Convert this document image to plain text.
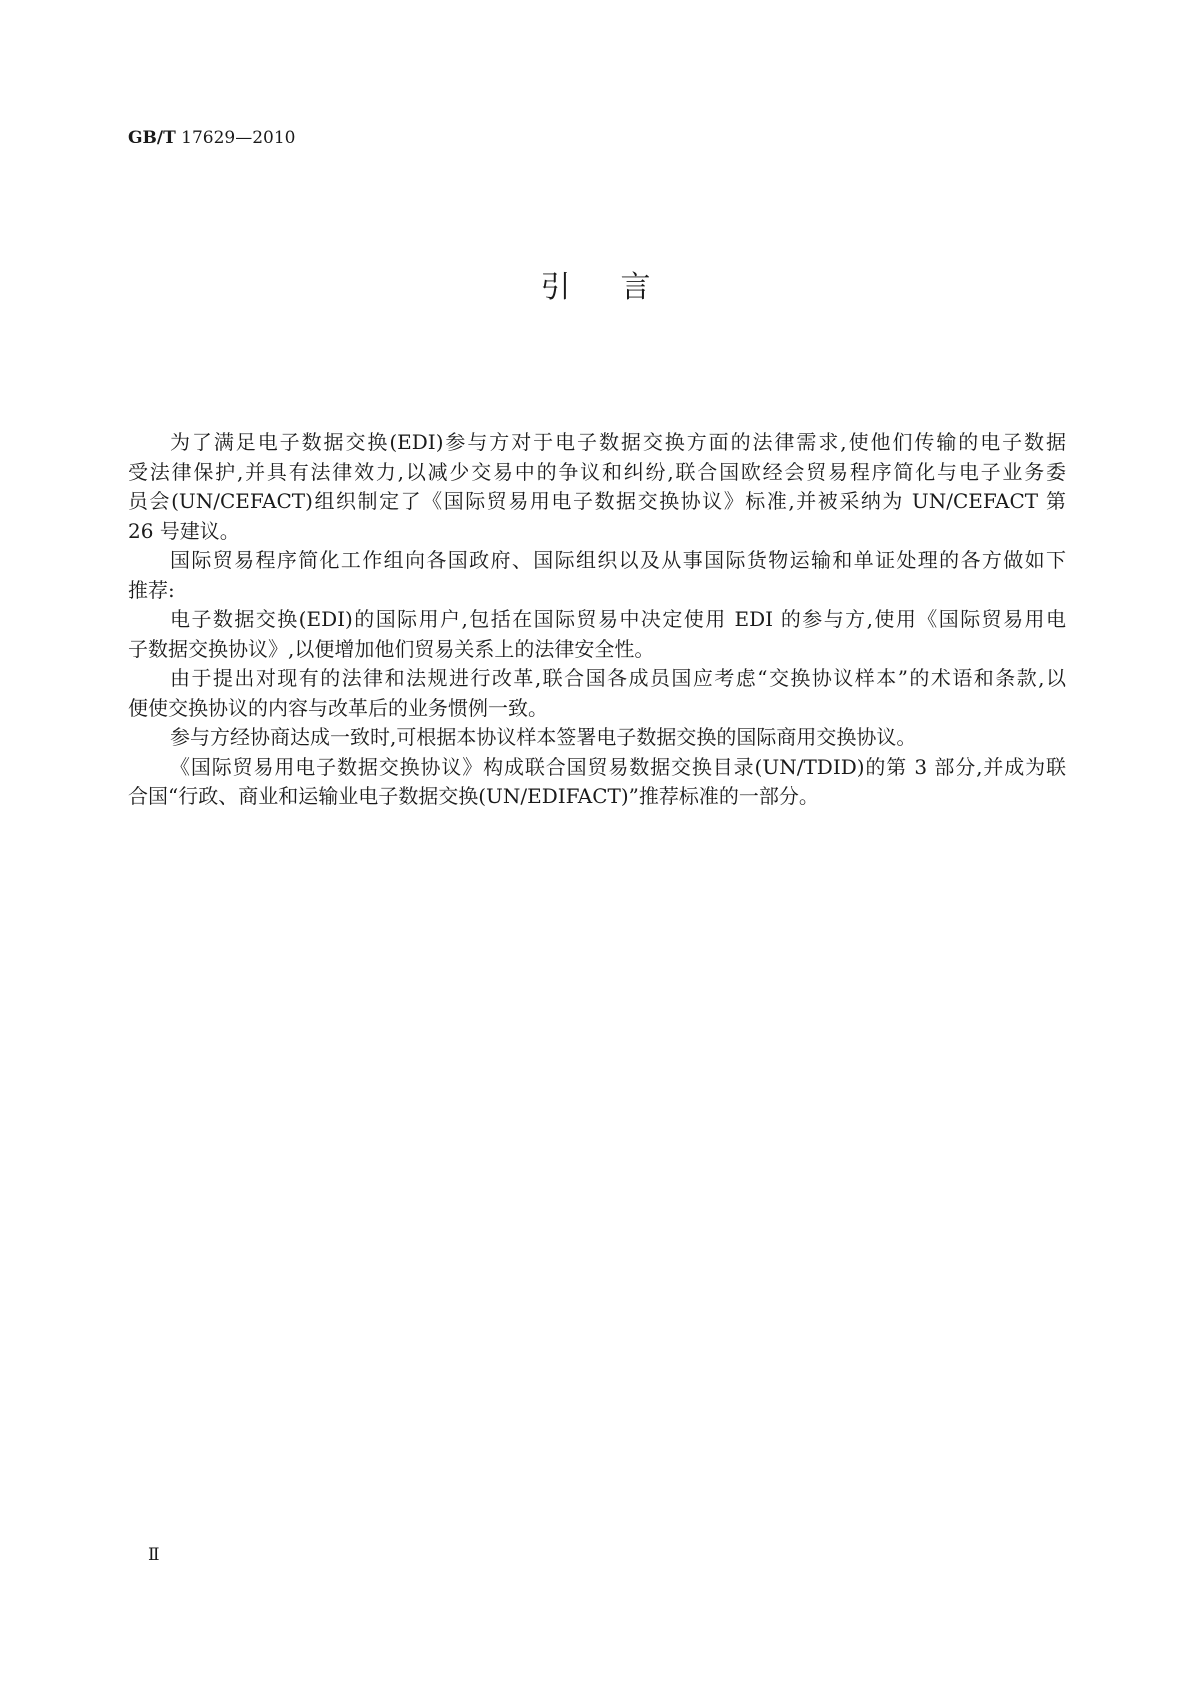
GB/T 17629—2010
引言
为了满足电子数据交换(EDI)参与方对于电子数据交换方面的法律需求,使他们传输的电子数据
受法律保护,并具有法律效力,以减少交易中的争议和纠纷,联合国欧经会贸易程序简化与电子业务委
员会(UN/CEFACT)组织制定了《国际贸易用电子数据交换协议》标准,并被采纳为 UN/CEFACT 第
26 号建议。
国际贸易程序简化工作组向各国政府、国际组织以及从事国际货物运输和单证处理的各方做如下
推荐:
电子数据交换(EDI)的国际用户,包括在国际贸易中决定使用 EDI 的参与方,使用《国际贸易用电
子数据交换协议》,以便增加他们贸易关系上的法律安全性。
由于提出对现有的法律和法规进行改革,联合国各成员国应考虑“交换协议样本”的术语和条款,以
便使交换协议的内容与改革后的业务惯例一致。
参与方经协商达成一致时,可根据本协议样本签署电子数据交换的国际商用交换协议。
《国际贸易用电子数据交换协议》构成联合国贸易数据交换目录(UN/TDID)的第 3 部分,并成为联
合国“行政、商业和运输业电子数据交换(UN/EDIFACT)”推荐标准的一部分。
Ⅱ
